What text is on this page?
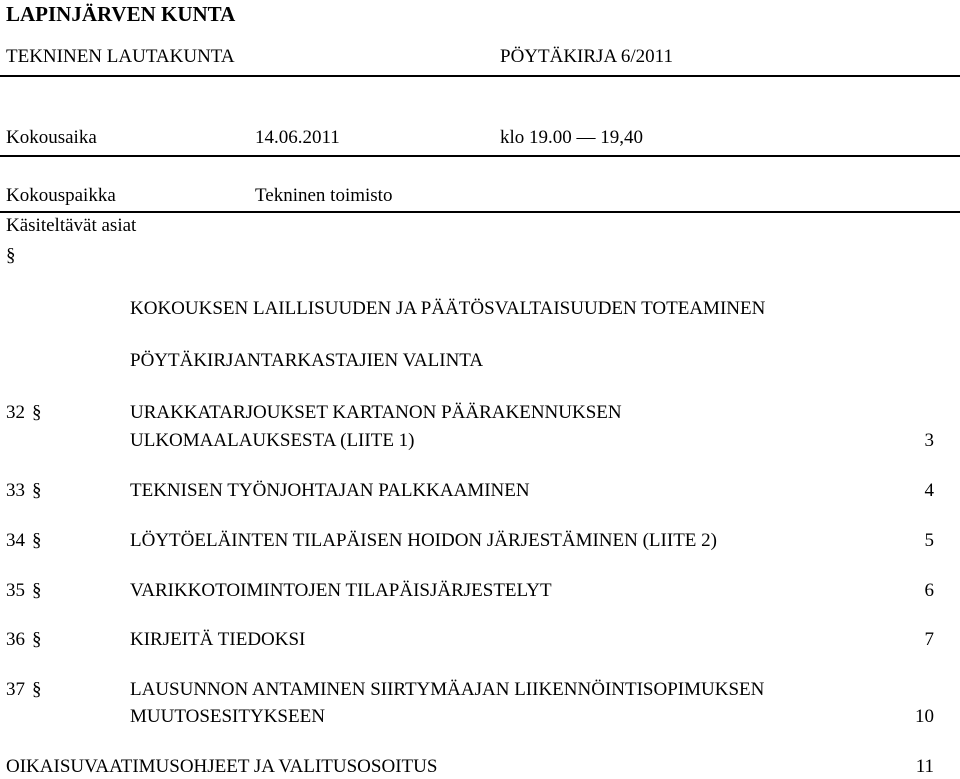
LAPINJÄRVEN KUNTA
TEKNINEN LAUTAKUNTA	PÖYTÄKIRJA 6/2011
Kokousaika	14.06.2011	klo 19.00 — 19,40
Kokouspaikka	Tekninen toimisto
Käsiteltävät asiat
§
KOKOUKSEN LAILLISUUDEN JA PÄÄTÖSVALTAISUUDEN TOTEAMINEN
PÖYTÄKIRJANTARKASTAJIEN VALINTA
32 §	URAKKATARJOUKSET KARTANON PÄÄRAKENNUKSEN
ULKOMAALAUKSESTA (LIITE 1)	3
33 §	TEKNISEN TYÖNJOHTAJAN PALKKAAMINEN	4
34 §	LÖYTÖELÄINTEN TILAPÄISEN HOIDON JÄRJESTÄMINEN (LIITE 2)	5
35 §	VARIKKOTOIMINTOJEN TILAPÄISJÄRJESTELYT	6
36 §	KIRJEITÄ TIEDOKSI	7
37 §	LAUSUNNON ANTAMINEN SIIRTYMÄAJAN LIIKENNÖINTISOPIMUKSEN
MUUTOSESITYKSEEN	10
OIKAISUVAATIMUSOHJEET JA VALITUSOSOITUS	11
